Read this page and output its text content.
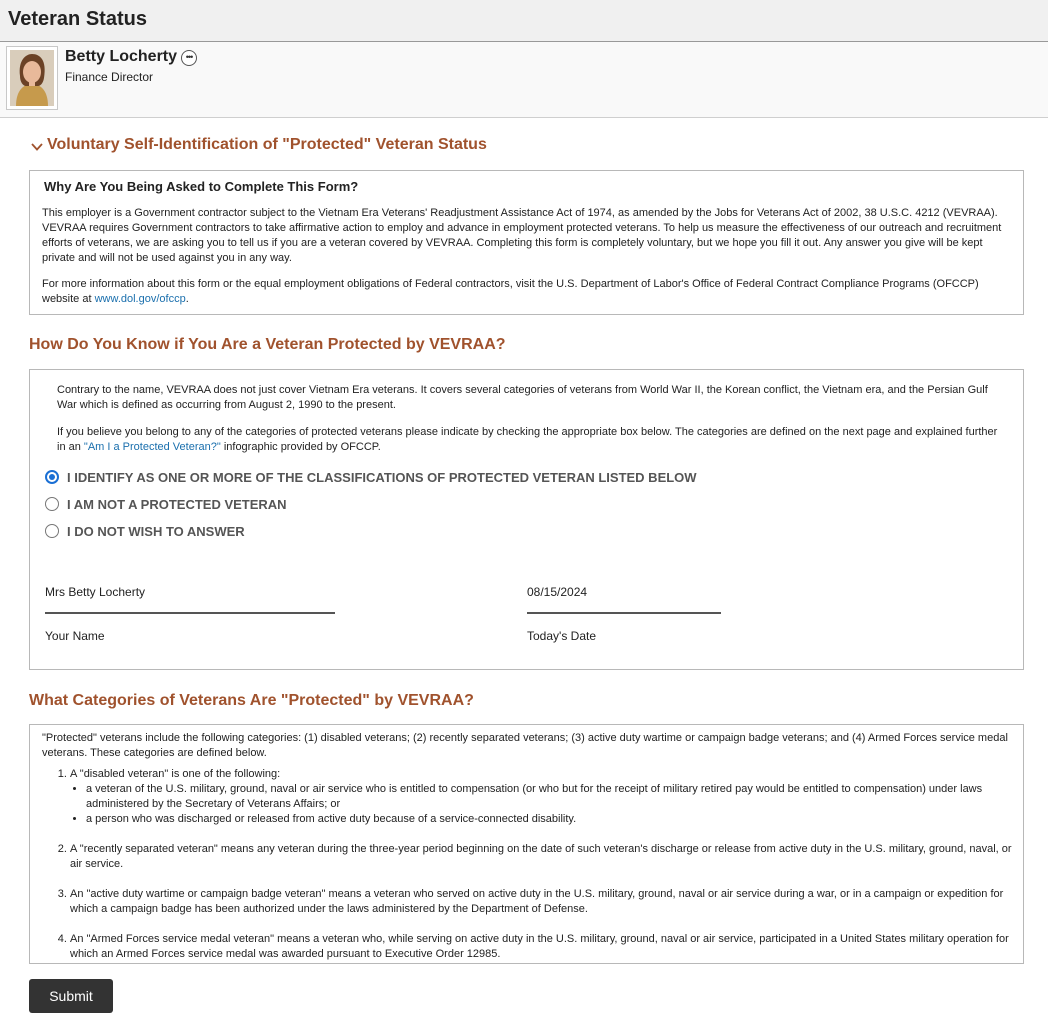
Veteran Status
Betty Locherty •••
Finance Director
Voluntary Self-Identification of "Protected" Veteran Status
Why Are You Being Asked to Complete This Form?

This employer is a Government contractor subject to the Vietnam Era Veterans' Readjustment Assistance Act of 1974, as amended by the Jobs for Veterans Act of 2002, 38 U.S.C. 4212 (VEVRAA). VEVRAA requires Government contractors to take affirmative action to employ and advance in employment protected veterans. To help us measure the effectiveness of our outreach and recruitment efforts of veterans, we are asking you to tell us if you are a veteran covered by VEVRAA. Completing this form is completely voluntary, but we hope you fill it out. Any answer you give will be kept private and will not be used against you in any way.

For more information about this form or the equal employment obligations of Federal contractors, visit the U.S. Department of Labor's Office of Federal Contract Compliance Programs (OFCCP) website at www.dol.gov/ofccp.

How Do You Know if You Are a Veteran Protected by VEVRAA?

Contrary to the name, VEVRAA does not just cover Vietnam Era veterans. It covers several categories of veterans from World War II, the Korean conflict, the Vietnam era, and the Persian Gulf War which is defined as occurring from August 2, 1990 to the present.

If you believe you belong to any of the categories of protected veterans please indicate by checking the appropriate box below. The categories are defined on the next page and explained further in an "Am I a Protected Veteran?" infographic provided by OFCCP.

I IDENTIFY AS ONE OR MORE OF THE CLASSIFICATIONS OF PROTECTED VETERAN LISTED BELOW
I AM NOT A PROTECTED VETERAN
I DO NOT WISH TO ANSWER
Mrs Betty Locherty
Your Name
08/15/2024
Today's Date
What Categories of Veterans Are "Protected" by VEVRAA?

"Protected" veterans include the following categories: (1) disabled veterans; (2) recently separated veterans; (3) active duty wartime or campaign badge veterans; and (4) Armed Forces service medal veterans. These categories are defined below.

1. A "disabled veteran" is one of the following:
• a veteran of the U.S. military, ground, naval or air service who is entitled to compensation (or who but for the receipt of military retired pay would be entitled to compensation) under laws administered by the Secretary of Veterans Affairs; or
• a person who was discharged or released from active duty because of a service-connected disability.
2. A "recently separated veteran" means any veteran during the three-year period beginning on the date of such veteran's discharge or release from active duty in the U.S. military, ground, naval, or air service.
3. An "active duty wartime or campaign badge veteran" means a veteran who served on active duty in the U.S. military, ground, naval or air service during a war, or in a campaign or expedition for which a campaign badge has been authorized under the laws administered by the Department of Defense.
4. An "Armed Forces service medal veteran" means a veteran who, while serving on active duty in the U.S. military, ground, naval or air service, participated in a United States military operation for which an Armed Forces service medal was awarded pursuant to Executive Order 12985.
Submit
